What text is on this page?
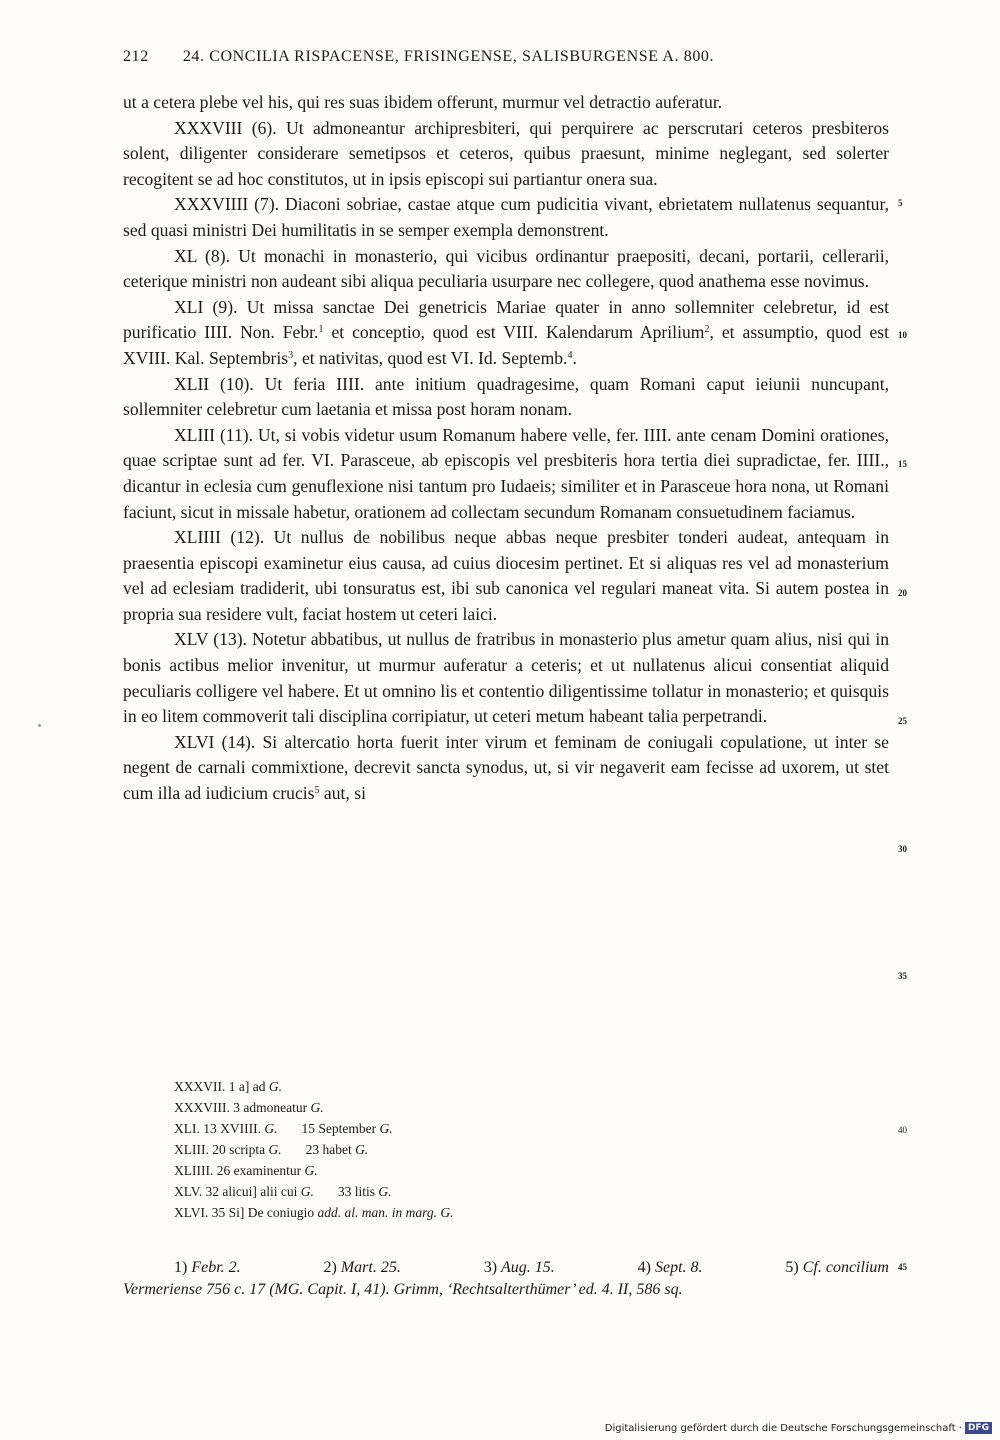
212 24. CONCILIA RISPACENSE, FRISINGENSE, SALISBURGENSE A. 800.

ut a cetera plebe vel his, qui res suas ibidem offerunt, murmur vel detractio auferatur.

XXXVIII (6). Ut admoneantur archipresbiteri, qui perquirere ac perscrutari ceteros presbiteros solent, diligenter considerare semetipsos et ceteros, quibus praesunt, minime neglegant, sed solerter recogitent se ad hoc constitutos, ut in ipsis episcopi sui partiantur onera sua.

XXXVIIII (7). Diaconi sobriae, castae atque cum pudicitia vivant, ebrietatem nullatenus sequantur, sed quasi ministri Dei humilitatis in se semper exempla demonstrent.

XL (8). Ut monachi in monasterio, qui vicibus ordinantur praepositi, decani, portarii, cellerarii, ceterique ministri non audeant sibi aliqua peculiaria usurpare nec collegere, quod anathema esse novimus.

XLI (9). Ut missa sanctae Dei genetricis Mariae quater in anno sollemniter celebretur, id est purificatio IIII. Non. Febr.$^1$ et conceptio, quod est VIII. Kalendarum Aprilium$^2$, et assumptio, quod est XVIII. Kal. Septembris$^3$, et nativitas, quod est VI. Id. Septemb.$^4$.

XLII (10). Ut feria IIII. ante initium quadragesime, quam Romani caput ieiunii nuncupant, sollemniter celebretur cum laetania et missa post horam nonam.

XLIII (11). Ut, si vobis videtur usum Romanum habere velle, fer. IIII. ante cenam Domini orationes, quae scriptae sunt ad fer. VI. Parasceue, ab episcopis vel presbiteris hora tertia diei supradictae, fer. IIII., dicantur in eclesia cum genuflexione nisi tantum pro Iudaeis; similiter et in Parasceue hora nona, ut Romani faciunt, sicut in missale habetur, orationem ad collectam secundum Romanam consuetudinem faciamus.

XLIIII (12). Ut nullus de nobilibus neque abbas neque presbiter tonderi audeat, antequam in praesentia episcopi examinetur eius causa, ad cuius diocesim pertinet. Et si aliquas res vel ad monasterium vel ad eclesiam tradiderit, ubi tonsuratus est, ibi sub canonica vel regulari maneat vita. Si autem postea in propria sua residere vult, faciat hostem ut ceteri laici.

XLV (13). Notetur abbatibus, ut nullus de fratribus in monasterio plus ametur quam alius, nisi qui in bonis actibus melior invenitur, ut murmur auferatur a ceteris; et ut nullatenus alicui consentiat aliquid peculiaris colligere vel habere. Et ut omnino lis et contentio diligentissime tollatur in monasterio; et quisquis in eo litem commoverit tali disciplina corripiatur, ut ceteri metum habeant talia perpetrandi.

XLVI (14). Si altercatio horta fuerit inter virum et feminam de coniugali copulatione, ut inter se negent de carnali commixtione, decrevit sancta synodus, ut, si vir negaverit eam fecisse ad uxorem, ut stet cum illa ad iudicium crucis$^5$ aut, si

5
10
15
20
25
30
35
XXXVII. 1 a] ad G.
XXXVIII. 3 admoneatur G.
XLI. 13 XVIIII. G. 15 September G.
XLIII. 20 scripta G. 23 habet G.
XLIIII. 26 examinentur G.
XLV. 32 alicui] alii cui G. 33 litis G.
XLVI. 35 Si] De coniugio add. al. man. in marg. G.
40
1) Febr. 2.	2) Mart. 25.	3) Aug. 15.	4) Sept. 8.	5) Cf. concilium
Vermeriense 756 c. 17 (MG. Capit. I, 41). Grimm, ‘Rechtsalterthümer’ ed. 4. II, 586 sq.
45
Digitalisierung gefördert durch die Deutsche Forschungsgemeinschaft · DFG
